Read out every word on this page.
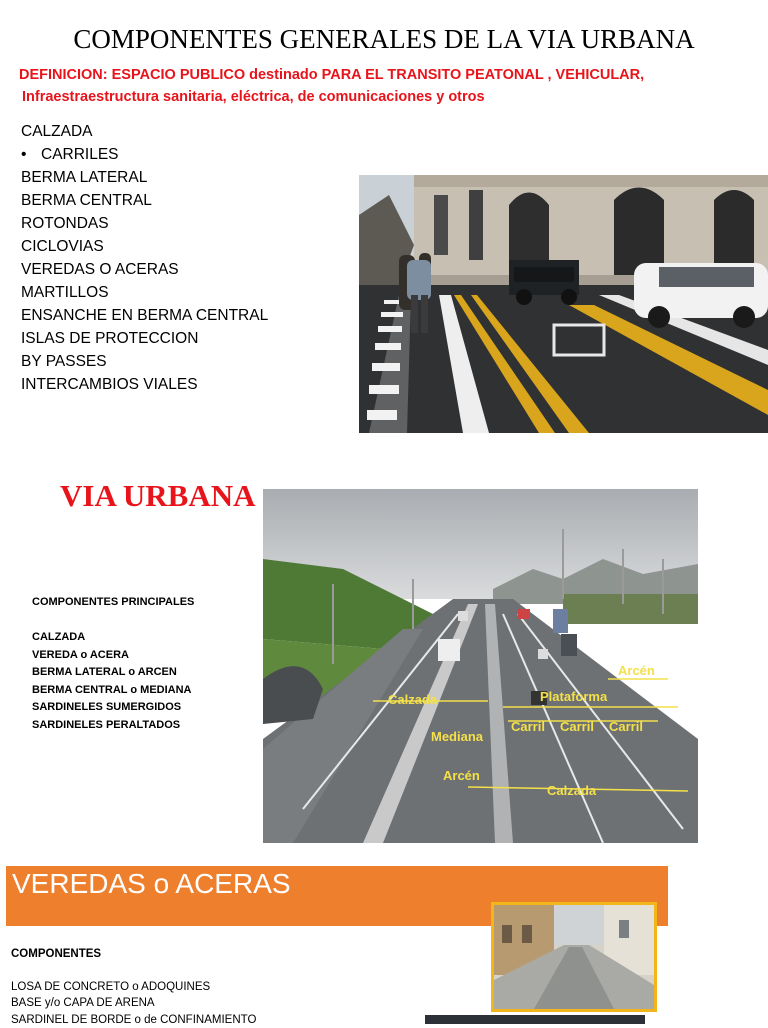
COMPONENTES GENERALES DE LA VIA URBANA
DEFINICION: ESPACIO PUBLICO destinado PARA EL TRANSITO PEATONAL , VEHICULAR,
Infraestraestructura sanitaria, eléctrica, de comunicaciones y otros
CALZADA
• CARRILES
BERMA LATERAL
BERMA CENTRAL
ROTONDAS
CICLOVIAS
VEREDAS O ACERAS
MARTILLOS
ENSANCHE EN BERMA CENTRAL
ISLAS DE PROTECCION
BY PASSES
INTERCAMBIOS VIALES
VIA URBANA
Arcén
Calzada	Plataforma
Carril Carril Carril
Mediana
Arcén
Calzada
COMPONENTES PRINCIPALES
CALZADA
VEREDA o ACERA
BERMA LATERAL o ARCEN
BERMA CENTRAL o MEDIANA
SARDINELES SUMERGIDOS
SARDINELES PERALTADOS
VEREDAS o ACERAS
COMPONENTES
LOSA DE CONCRETO o ADOQUINES
BASE y/o CAPA DE ARENA
SARDINEL DE BORDE o de CONFINAMIENTO
